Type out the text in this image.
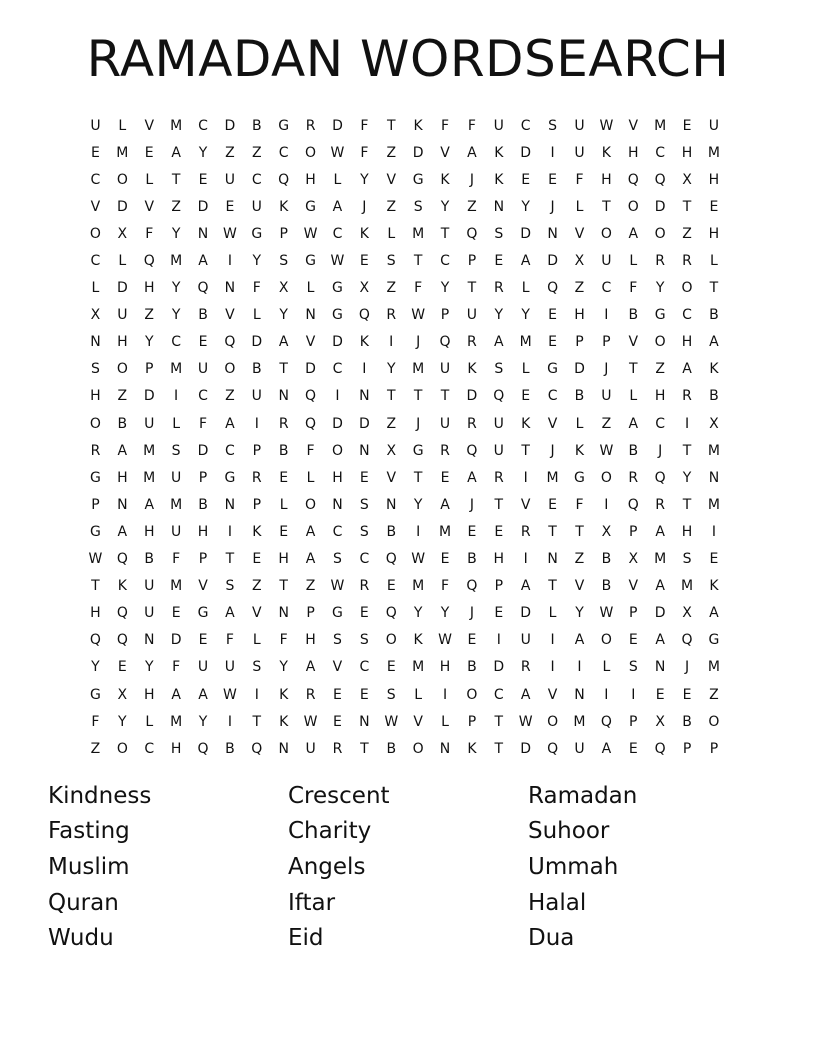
RAMADAN WORDSEARCH
U	L	V	M	C	D	B	G	R	D	F	T	K	F	F	U	C	S	U	W	V	M	E	U
E	M	E	A	Y	Z	Z	C	O	W	F	Z	D	V	A	K	D	I	U	K	H	C	H	M
C	O	L	T	E	U	C	Q	H	L	Y	V	G	K	J	K	E	E	F	H	Q	Q	X	H
V	D	V	Z	D	E	U	K	G	A	J	Z	S	Y	Z	N	Y	J	L	T	O	D	T	E
O	X	F	Y	N	W	G	P	W	C	K	L	M	T	Q	S	D	N	V	O	A	O	Z	H
C	L	Q	M	A	I	Y	S	G	W	E	S	T	C	P	E	A	D	X	U	L	R	R	L
L	D	H	Y	Q	N	F	X	L	G	X	Z	F	Y	T	R	L	Q	Z	C	F	Y	O	T
X	U	Z	Y	B	V	L	Y	N	G	Q	R	W	P	U	Y	Y	E	H	I	B	G	C	B
N	H	Y	C	E	Q	D	A	V	D	K	I	J	Q	R	A	M	E	P	P	V	O	H	A
S	O	P	M	U	O	B	T	D	C	I	Y	M	U	K	S	L	G	D	J	T	Z	A	K
H	Z	D	I	C	Z	U	N	Q	I	N	T	T	T	D	Q	E	C	B	U	L	H	R	B
O	B	U	L	F	A	I	R	Q	D	D	Z	J	U	R	U	K	V	L	Z	A	C	I	X
R	A	M	S	D	C	P	B	F	O	N	X	G	R	Q	U	T	J	K	W	B	J	T	M
G	H	M	U	P	G	R	E	L	H	E	V	T	E	A	R	I	M	G	O	R	Q	Y	N
P	N	A	M	B	N	P	L	O	N	S	N	Y	A	J	T	V	E	F	I	Q	R	T	M
G	A	H	U	H	I	K	E	A	C	S	B	I	M	E	E	R	T	T	X	P	A	H	I
W	Q	B	F	P	T	E	H	A	S	C	Q	W	E	B	H	I	N	Z	B	X	M	S	E
T	K	U	M	V	S	Z	T	Z	W	R	E	M	F	Q	P	A	T	V	B	V	A	M	K
H	Q	U	E	G	A	V	N	P	G	E	Q	Y	Y	J	E	D	L	Y	W	P	D	X	A
Q	Q	N	D	E	F	L	F	H	S	S	O	K	W	E	I	U	I	A	O	E	A	Q	G
Y	E	Y	F	U	U	S	Y	A	V	C	E	M	H	B	D	R	I	I	L	S	N	J	M
G	X	H	A	A	W	I	K	R	E	E	S	L	I	O	C	A	V	N	I	I	E	E	Z
F	Y	L	M	Y	I	T	K	W	E	N	W	V	L	P	T	W	O	M	Q	P	X	B	O
Z	O	C	H	Q	B	Q	N	U	R	T	B	O	N	K	T	D	Q	U	A	E	Q	P	P
Kindness
Fasting
Muslim
Quran
Wudu
Crescent
Charity
Angels
Iftar
Eid
Ramadan
Suhoor
Ummah
Halal
Dua
